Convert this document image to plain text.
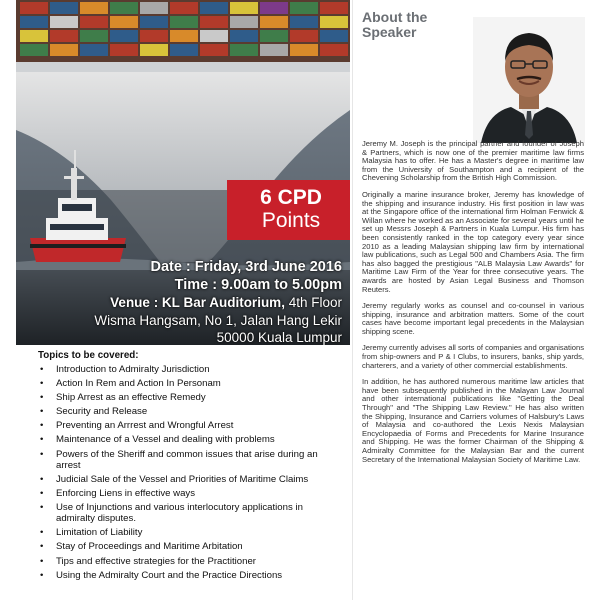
6 CPD
Points
Date : Friday, 3rd June 2016
Time : 9.00am to 5.00pm
Venue : KL Bar Auditorium, 4th Floor
Wisma Hangsam, No 1, Jalan Hang Lekir
50000 Kuala Lumpur
Topics to be covered:
• Introduction to Admiralty Jurisdiction
• Action In Rem and Action In Personam
• Ship Arrest as an effective Remedy
• Security and Release
• Preventing an Arrrest and Wrongful Arrest
• Maintenance of a Vessel and dealing with problems
• Powers of the Sheriff and common issues that arise during an arrest
• Judicial Sale of the Vessel and Priorities of Maritime Claims
• Enforcing Liens in effective ways
• Use of Injunctions and various interlocutory applications in admiralty disputes.
• Limitation of Liability
• Stay of Proceedings and Maritime Arbitation
• Tips and effective strategies for the Practitioner
• Using the Admiralty Court and the Practice Directions
About the Speaker

Jeremy M. Joseph is the principal partner and founder of Joseph & Partners, which is now one of the premier maritime law firms Malaysia has to offer. He has a Master's degree in maritime law from the University of Southampton and a recipient of the Chevening Scholarship from the British High Commission.

Originally a marine insurance broker, Jeremy has knowledge of the shipping and insurance industry. His first position in law was at the Singapore office of the international firm Holman Fenwick & Willan where he worked as an Associate for several years until he set up Messrs Joseph & Partners in Kuala Lumpur. His firm has been consistently ranked in the top category every year since 2010 as a leading Malaysian shipping law firm by international law publications, such as Legal 500 and Chambers Asia. The firm has also bagged the prestigious "ALB Malaysia Law Awards" for Maritime Law Firm of the Year for three consecutive years. The awards are hosted by Asian Legal Business and Thomson Reuters.

Jeremy regularly works as counsel and co-counsel in various shipping, insurance and arbitration matters. Some of the court cases have become important legal precedents in the Malaysian shipping scene.

Jeremy currently advises all sorts of companies and organisations from ship-owners and P & I Clubs, to insurers, banks, ship yards, charterers, and a variety of other commercial establishments.

In addition, he has authored numerous maritime law articles that have been subsequently published in the Malayan Law Journal and other international publications like "Getting the Deal Through" and "The Shipping Law Review." He has also written the Shipping, Insurance and Carriers volumes of Halsbury's Laws of Malaysia and co-authored the Lexis Nexis Malaysian Encyclopaedia of Forms and Precedents for Marine Insurance and Shipping. He was the former Chairman of the Shipping & Admiralty Committee for the Malaysian Bar and the current Secretary of the International Malaysian Society of Maritime Law.
